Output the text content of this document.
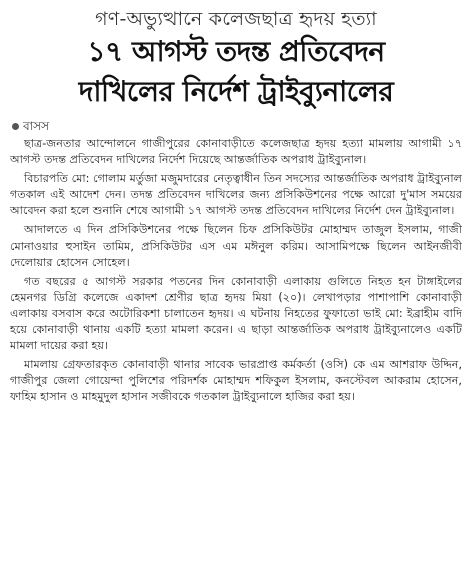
গণ-অভ্যুত্থানে কলেজছাত্র হৃদয় হত্যা
১৭ আগস্ট তদন্ত প্রতিবেদন
দাখিলের নির্দেশ ট্রাইব্যুনালের
বাসস

ছাত্র-জনতার আন্দোলনে গাজীপুরের কোনাবাড়ীতে কলেজছাত্র হৃদয় হত্যা মামলায় আগামী ১৭ আগস্ট তদন্ত প্রতিবেদন দাখিলের নির্দেশ দিয়েছে আন্তর্জাতিক অপরাধ ট্রাইব্যুনাল।

বিচারপতি মো: গোলাম মর্তুজা মজুমদারের নেতৃত্বাধীন তিন সদস্যের আন্তর্জাতিক অপরাধ ট্রাইব্যুনাল গতকাল এই আদেশ দেন। তদন্ত প্রতিবেদন দাখিলের জন্য প্রসিকিউশনের পক্ষে আরো দু'মাস সময়ের আবেদন করা হলে শুনানি শেষে আগামী ১৭ আগস্ট তদন্ত প্রতিবেদন দাখিলের নির্দেশ দেন ট্রাইব্যুনাল।

আদালতে এ দিন প্রসিকিউশনের পক্ষে ছিলেন চিফ প্রসিকিউটর মোহাম্মদ তাজুল ইসলাম, গাজী মোনাওয়ার হুসাইন তামিম, প্রসিকিউটর এস এম মঈনুল করিম। আসামিপক্ষে ছিলেন আইনজীবী দেলোয়ার হোসেন সোহেল।

গত বছরের ৫ আগস্ট সরকার পতনের দিন কোনাবাড়ী এলাকায় গুলিতে নিহত হন টাঙ্গাইলের হেমনগর ডিগ্রি কলেজে একাদশ শ্রেণীর ছাত্র হৃদয় মিয়া (২০)। লেখাপড়ার পাশাপাশি কোনাবাড়ী এলাকায় বসবাস করে অটোরিকশা চালাতেন হৃদয়। এ ঘটনায় নিহতের ফুফাতো ভাই মো: ইব্রাহীম বাদি হয়ে কোনাবাড়ী থানায় একটি হত্যা মামলা করেন। এ ছাড়া আন্তর্জাতিক অপরাধ ট্রাইব্যুনালেও একটি মামলা দায়ের করা হয়।

মামলায় গ্রেফতারকৃত কোনাবাড়ী থানার সাবেক ভারপ্রাপ্ত কর্মকর্তা (ওসি) কে এম আশরাফ উদ্দিন, গাজীপুর জেলা গোয়েন্দা পুলিশের পরিদর্শক মোহাম্মদ শফিকুল ইসলাম, কনস্টেবল আকরাম হোসেন, ফাহিম হাসান ও মাহমুদুল হাসান সজীবকে গতকাল ট্রাইব্যুনালে হাজির করা হয়।
